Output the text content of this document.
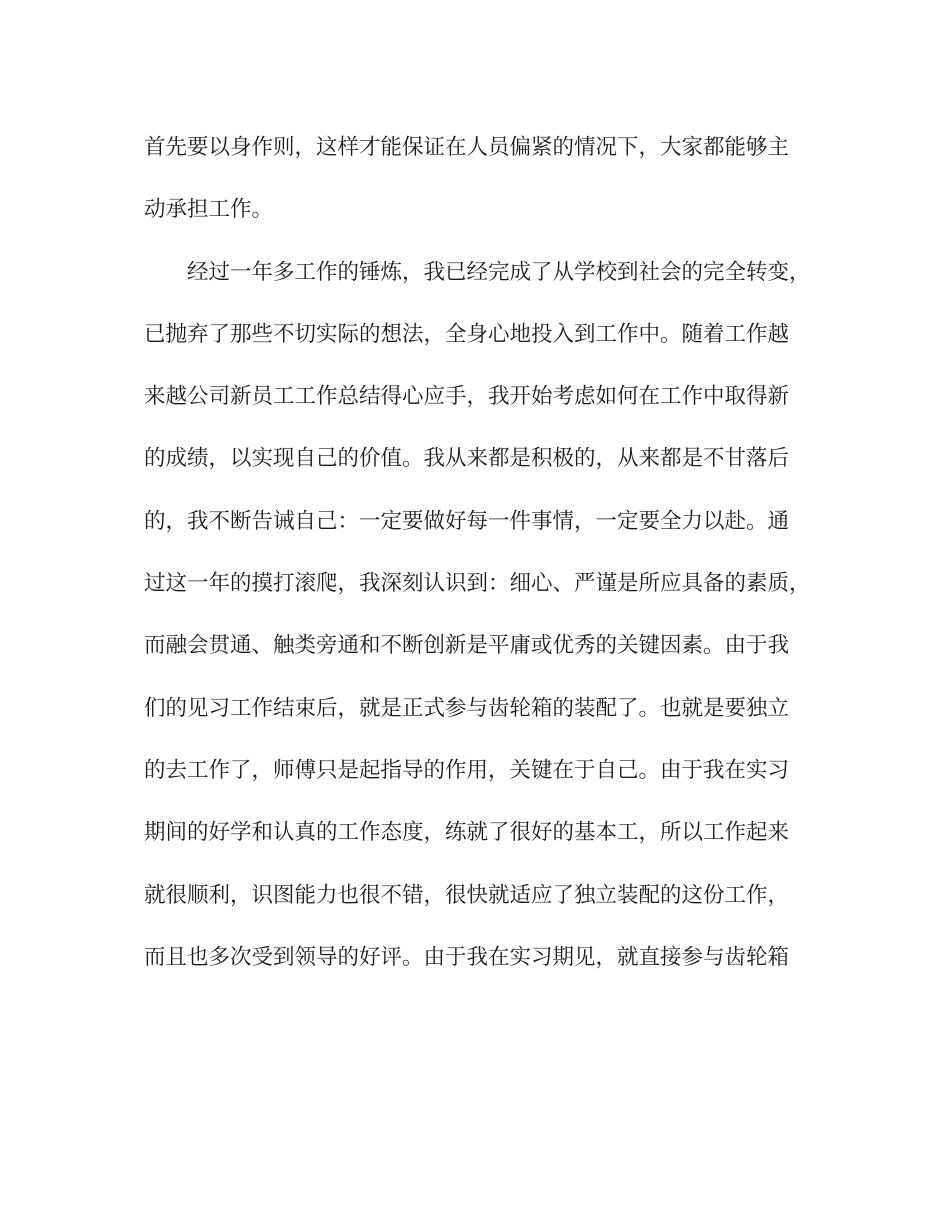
首先要以身作则，这样才能保证在人员偏紧的情况下，大家都能够主
动承担工作。
经过一年多工作的锤炼，我已经完成了从学校到社会的完全转变，
已抛弃了那些不切实际的想法，全身心地投入到工作中。随着工作越
来越公司新员工工作总结得心应手，我开始考虑如何在工作中取得新
的成绩，以实现自己的价值。我从来都是积极的，从来都是不甘落后
的，我不断告诫自己：一定要做好每一件事情，一定要全力以赴。通
过这一年的摸打滚爬，我深刻认识到：细心、严谨是所应具备的素质，
而融会贯通、触类旁通和不断创新是平庸或优秀的关键因素。由于我
们的见习工作结束后，就是正式参与齿轮箱的装配了。也就是要独立
的去工作了，师傅只是起指导的作用，关键在于自己。由于我在实习
期间的好学和认真的工作态度，练就了很好的基本工，所以工作起来
就很顺利，识图能力也很不错，很快就适应了独立装配的这份工作，
而且也多次受到领导的好评。由于我在实习期见，就直接参与齿轮箱
